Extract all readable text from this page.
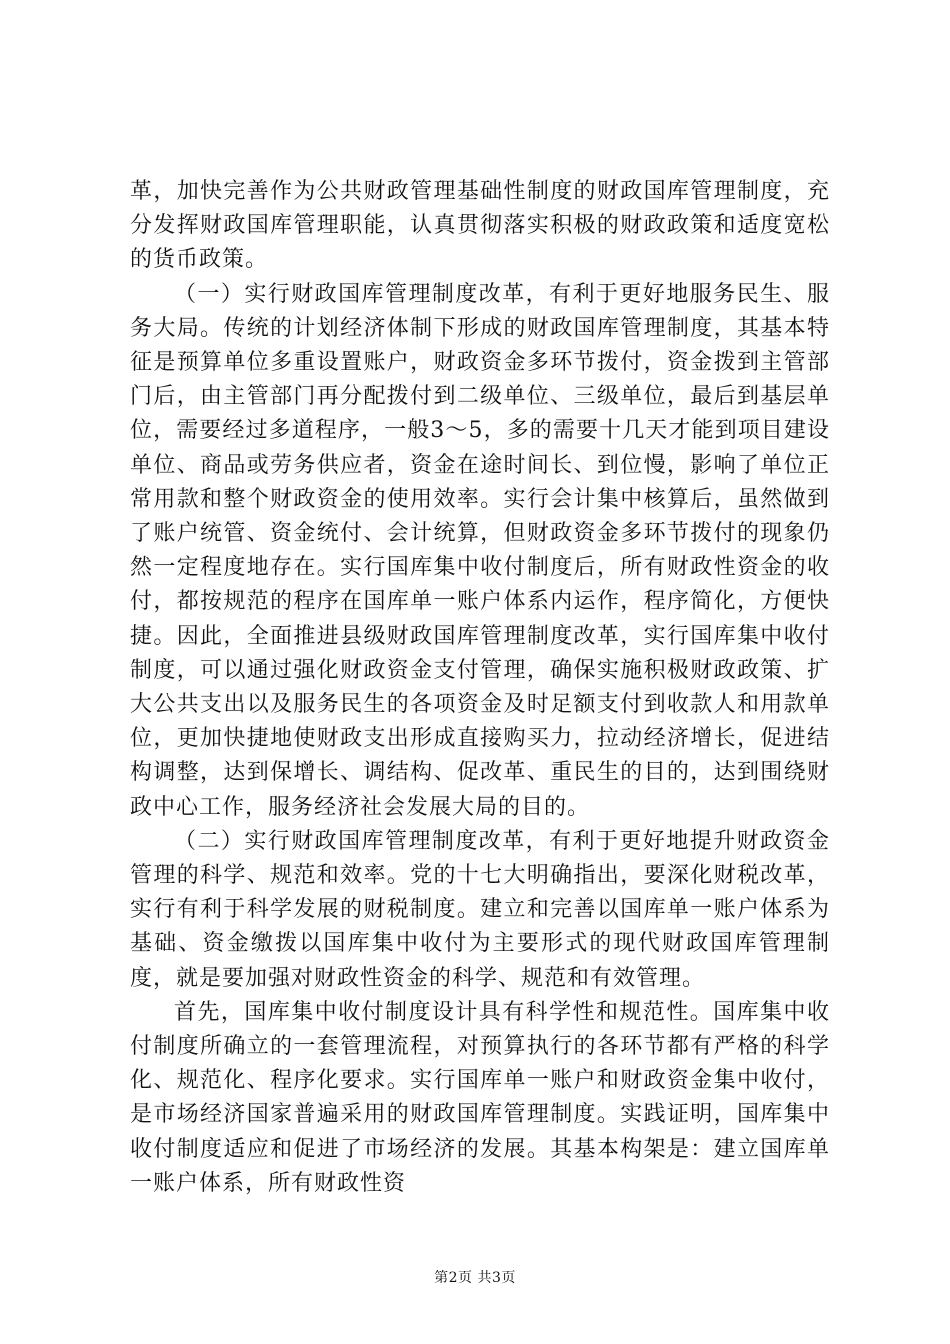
革，加快完善作为公共财政管理基础性制度的财政国库管理制度，充分发挥财政国库管理职能，认真贯彻落实积极的财政政策和适度宽松的货币政策。

（一）实行财政国库管理制度改革，有利于更好地服务民生、服务大局。传统的计划经济体制下形成的财政国库管理制度，其基本特征是预算单位多重设置账户，财政资金多环节拨付，资金拨到主管部门后，由主管部门再分配拨付到二级单位、三级单位，最后到基层单位，需要经过多道程序，一般3～5，多的需要十几天才能到项目建设单位、商品或劳务供应者，资金在途时间长、到位慢，影响了单位正常用款和整个财政资金的使用效率。实行会计集中核算后，虽然做到了账户统管、资金统付、会计统算，但财政资金多环节拨付的现象仍然一定程度地存在。实行国库集中收付制度后，所有财政性资金的收付，都按规范的程序在国库单一账户体系内运作，程序简化，方便快捷。因此，全面推进县级财政国库管理制度改革，实行国库集中收付制度，可以通过强化财政资金支付管理，确保实施积极财政政策、扩大公共支出以及服务民生的各项资金及时足额支付到收款人和用款单位，更加快捷地使财政支出形成直接购买力，拉动经济增长，促进结构调整，达到保增长、调结构、促改革、重民生的目的，达到围绕财政中心工作，服务经济社会发展大局的目的。

（二）实行财政国库管理制度改革，有利于更好地提升财政资金管理的科学、规范和效率。党的十七大明确指出，要深化财税改革，实行有利于科学发展的财税制度。建立和完善以国库单一账户体系为基础、资金缴拨以国库集中收付为主要形式的现代财政国库管理制度，就是要加强对财政性资金的科学、规范和有效管理。

首先，国库集中收付制度设计具有科学性和规范性。国库集中收付制度所确立的一套管理流程，对预算执行的各环节都有严格的科学化、规范化、程序化要求。实行国库单一账户和财政资金集中收付，是市场经济国家普遍采用的财政国库管理制度。实践证明，国库集中收付制度适应和促进了市场经济的发展。其基本构架是：建立国库单一账户体系，所有财政性资

第2页 共3页
